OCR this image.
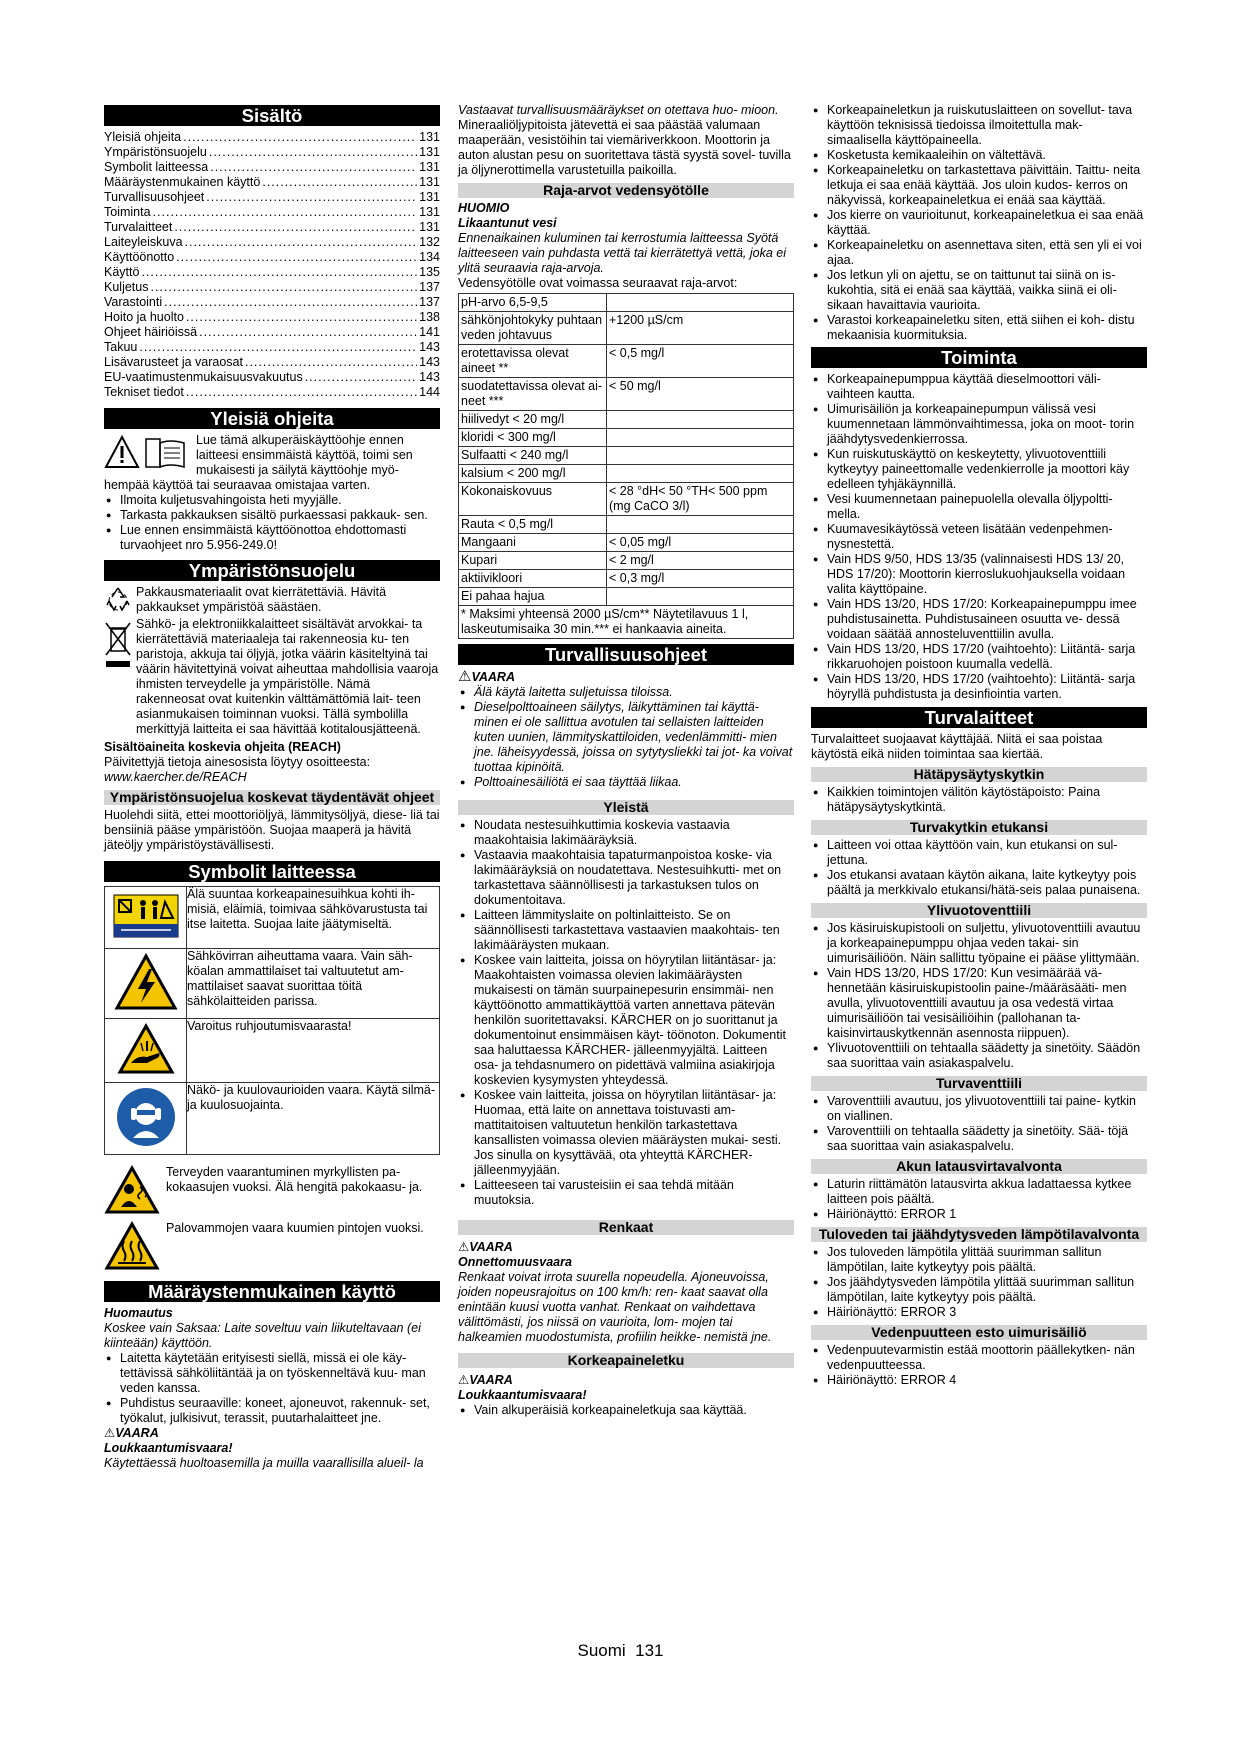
Sisältö
Yleisiä ohjeita .....	131
Ympäristönsuojelu .....	131
Symbolit laitteessa .....	131
Määräystenmukainen käyttö .....	131
Turvallisuusohjeet .....	131
Toiminta .....	131
Turvalaitteet .....	131
Laiteyleiskuva .....	132
Käyttöönotto .....	134
Käyttö .....	135
Kuljetus .....	137
Varastointi .....	137
Hoito ja huolto .....	138
Ohjeet häiriöissä .....	141
Takuu .....	143
Lisävarusteet ja varaosat .....	143
EU-vaatimustenmukaisuusvakuutus .....	143
Tekniset tiedot .....	144
Yleisiä ohjeita

Lue tämä alkuperäiskäyttöohje ennen

laitteesi ensimmäistä käyttöä, toimi sen

mukaisesti ja säilytä käyttöohje myö-

hempää käyttöä tai seuraavaa omistajaa varten.

● Ilmoita kuljetusvahingoista heti myyjälle.
● Tarkasta pakkauksen sisältö purkaessasi pakkauk- sen.
● Lue ennen ensimmäistä käyttöönottoa ehdottomasti turvaohjeet nro 5.956-249.0!
Ympäristönsuojelu

Pakkausmateriaalit ovat kierrätettäviä. Hävitä pakkaukset ympäristöä säästäen.

Sähkö- ja elektroniikkalaitteet sisältävät arvokkai- ta kierrätettäviä materiaaleja tai rakenneosia ku- ten paristoja, akkuja tai öljyjä, jotka väärin käsiteltyinä tai väärin hävitettyinä voivat aiheuttaa mahdollisia vaaroja ihmisten terveydelle ja ympäristölle. Nämä rakenneosat ovat kuitenkin välttämättömiä lait- teen asianmukaisen toiminnan vuoksi. Tällä symbolilla merkittyjä laitteita ei saa hävittää kotitalousjätteenä.

Sisältöaineita koskevia ohjeita (REACH)

Päivitettyjä tietoja ainesosista löytyy osoitteesta:

www.kaercher.de/REACH

Ympäristönsuojelua koskevat täydentävät ohjeet

Huolehdi siitä, ettei moottoriöljyä, lämmitysöljyä, diese- liä tai bensiiniä pääse ympäristöön. Suojaa maaperä ja hävitä jäteöljy ympäristöystävällisesti.

Symbolit laitteessa
	Älä suuntaa korkeapainesuihkua kohti ih- misiä, eläimiä, toimivaa sähkövarustusta tai itse laitetta. Suojaa laite jäätymiseltä.
	Sähkövirran aiheuttama vaara. Vain säh- köalan ammattilaiset tai valtuutetut am- mattilaiset saavat suorittaa töitä sähkölaitteiden parissa.
	Varoitus ruhjoutumisvaarasta!
	Näkö- ja kuulovaurioiden vaara. Käytä silmä- ja kuulosuojainta.

Terveyden vaarantuminen myrkyllisten pa- kokaasujen vuoksi. Älä hengitä pakokaasu- ja.

Palovammojen vaara kuumien pintojen vuoksi.

Määräystenmukainen käyttö

Huomautus

Koskee vain Saksaa: Laite soveltuu vain liikuteltavaan (ei kiinteään) käyttöön.

● Laitetta käytetään erityisesti siellä, missä ei ole käy- tettävissä sähköliitäntää ja on työskenneltävä kuu- man veden kanssa.
● Puhdistus seuraaville: koneet, ajoneuvot, rakennuk- set, työkalut, julkisivut, terassit, puutarhalaitteet jne.

⚠VAARA

Loukkaantumisvaara!

Käytettäessä huoltoasemilla ja muilla vaarallisilla alueil- la

Vastaavat turvallisuusmääräykset on otettava huo- mioon.

Mineraaliöljypitoista jätevettä ei saa päästää valumaan maaperään, vesistöihin tai viemäriverkkoon. Moottorin ja auton alustan pesu on suoritettava tästä syystä sovel- tuvilla ja öljynerottimella varustetuilla paikoilla.

Raja-arvot vedensyötölle

HUOMIO

Likaantunut vesi

Ennenaikainen kuluminen tai kerrostumia laitteessa Syötä laitteeseen vain puhdasta vettä tai kierrätettyä vettä, joka ei ylitä seuraavia raja-arvoja.

Vedensyötölle ovat voimassa seuraavat raja-arvot:

pH-arvo 6,5-9,5	
sähkönjohtokyky puhtaan veden johtavuus	+1200 µS/cm
erotettavissa olevat aineet **	< 0,5 mg/l
suodatettavissa olevat ai- neet ***	< 50 mg/l
hiilivedyt < 20 mg/l	
kloridi < 300 mg/l	
Sulfaatti < 240 mg/l	
kalsium < 200 mg/l	
Kokonaiskovuus	< 28 °dH< 50 °TH< 500 ppm (mg CaCO 3/l)
Rauta < 0,5 mg/l	
Mangaani	< 0,05 mg/l
Kupari	< 2 mg/l
aktiivikloori	< 0,3 mg/l
Ei pahaa hajua	
* Maksimi yhteensä 2000 µS/cm** Näytetilavuus 1 l, laskeutumisaika 30 min.*** ei hankaavia aineita.	
Turvallisuusohjeet

⚠VAARA

● Älä käytä laitetta suljetuissa tiloissa.
● Dieselpolttoaineen säilytys, läikyttäminen tai käyttä- minen ei ole sallittua avotulen tai sellaisten laitteiden kuten uunien, lämmityskattiloiden, vedenlämmitti- mien jne. läheisyydessä, joissa on sytytysliekki tai jot- ka voivat tuottaa kipinöitä.
● Polttoainesäiliötä ei saa täyttää liikaa.
Yleistä
● Noudata nestesuihkuttimia koskevia vastaavia maakohtaisia lakimääräyksiä.
● Vastaavia maakohtaisia tapaturmanpoistoa koske- via lakimääräyksiä on noudatettava. Nestesuihkutti- met on tarkastettava säännöllisesti ja tarkastuksen tulos on dokumentoitava.
● Laitteen lämmityslaite on poltinlaitteisto. Se on säännöllisesti tarkastettava vastaavien maakohtais- ten lakimääräysten mukaan.
● Koskee vain laitteita, joissa on höyrytilan liitäntäsar- ja: Maakohtaisten voimassa olevien lakimääräysten mukaisesti on tämän suurpainepesurin ensimmäi- nen käyttöönotto ammattikäyttöä varten annettava pätevän henkilön suoritettavaksi. KÄRCHER on jo suorittanut ja dokumentoinut ensimmäisen käyt- töönoton. Dokumentit saa haluttaessa KÄRCHER- jälleenmyyjältä. Laitteen osa- ja tehdasnumero on pidettävä valmiina asiakirjoja koskevien kysymysten yhteydessä.
● Koskee vain laitteita, joissa on höyrytilan liitäntäsar- ja: Huomaa, että laite on annettava toistuvasti am- mattitaitoisen valtuutetun henkilön tarkastettava kansallisten voimassa olevien määräysten mukai- sesti. Jos sinulla on kysyttävää, ota yhteyttä KÄRCHER-jälleenmyyjään.
● Laitteeseen tai varusteisiin ei saa tehdä mitään muutoksia.
Renkaat

⚠VAARA

Onnettomuusvaara

Renkaat voivat irrota suurella nopeudella. Ajoneuvoissa, joiden nopeusrajoitus on 100 km/h: ren- kaat saavat olla enintään kuusi vuotta vanhat. Renkaat on vaihdettava välittömästi, jos niissä on vaurioita, lom- mojen tai halkeamien muodostumista, profiilin heikke- nemistä jne.

Korkeapaineletku

⚠VAARA

Loukkaantumisvaara!

● Vain alkuperäisiä korkeapaineletkuja saa käyttää.
● Korkeapaineletkun ja ruiskutuslaitteen on sovellut- tava käyttöön teknisissä tiedoissa ilmoitettulla mak- simaalisella käyttöpaineella.
● Kosketusta kemikaaleihin on vältettävä.
● Korkeapaineletku on tarkastettava päivittäin. Taittu- neita letkuja ei saa enää käyttää. Jos uloin kudos- kerros on näkyvissä, korkeapaineletkua ei enää saa käyttää.
● Jos kierre on vaurioitunut, korkeapaineletkua ei saa enää käyttää.
● Korkeapaineletku on asennettava siten, että sen yli ei voi ajaa.
● Jos letkun yli on ajettu, se on taittunut tai siinä on is- kukohtia, sitä ei enää saa käyttää, vaikka siinä ei oli- sikaan havaittavia vaurioita.
● Varastoi korkeapaineletku siten, että siihen ei koh- distu mekaanisia kuormituksia.
Toiminta
● Korkeapainepumppua käyttää dieselmoottori väli- vaihteen kautta.
● Uimurisäiliön ja korkeapainepumpun välissä vesi kuumennetaan lämmönvaihtimessa, joka on moot- torin jäähdytysvedenkierrossa.
● Kun ruiskutuskäyttö on keskeytetty, ylivuotoventtiili kytkeytyy paineettomalle vedenkierrolle ja moottori käy edelleen tyhjäkäynnillä.
● Vesi kuumennetaan painepuolella olevalla öljypoltti- mella.
● Kuumavesikäytössä veteen lisätään vedenpehmen- nysnestettä.
● Vain HDS 9/50, HDS 13/35 (valinnaisesti HDS 13/ 20, HDS 17/20): Moottorin kierroslukuohjauksella voidaan valita käyttöpaine.
● Vain HDS 13/20, HDS 17/20: Korkeapainepumppu imee puhdistusainetta. Puhdistusaineen osuutta ve- dessä voidaan säätää annosteluventtiilin avulla.
● Vain HDS 13/20, HDS 17/20 (vaihtoehto): Liitäntä- sarja rikkaruohojen poistoon kuumalla vedellä.
● Vain HDS 13/20, HDS 17/20 (vaihtoehto): Liitäntä- sarja höyryllä puhdistusta ja desinfiointia varten.
Turvalaitteet

Turvalaitteet suojaavat käyttäjää. Niitä ei saa poistaa käytöstä eikä niiden toimintaa saa kiertää.

Hätäpysäytyskytkin
● Kaikkien toimintojen välitön käytöstäpoisto: Paina hätäpysäytyskytkintä.
Turvakytkin etukansi
● Laitteen voi ottaa käyttöön vain, kun etukansi on sul- jettuna.
● Jos etukansi avataan käytön aikana, laite kytkeytyy pois päältä ja merkkivalo etukansi/hätä-seis palaa punaisena.
Ylivuotoventtiili
● Jos käsiruiskupistooli on suljettu, ylivuotoventtiili avautuu ja korkeapainepumppu ohjaa veden takai- sin uimurisäiliöön. Näin sallittu työpaine ei pääse ylittymään.
● Vain HDS 13/20, HDS 17/20: Kun vesimäärää vä- hennetään käsiruiskupistoolin paine-/määräsääti- men avulla, ylivuotoventtiili avautuu ja osa vedestä virtaa uimurisäiliöön tai vesisäiliöihin (pallohanan ta- kaisinvirtauskytkennän asennosta riippuen).
● Ylivuotoventtiili on tehtaalla säädetty ja sinetöity. Säädön saa suorittaa vain asiakaspalvelu.
Turvaventtiili
● Varoventtiili avautuu, jos ylivuotoventtiili tai paine- kytkin on viallinen.
● Varoventtiili on tehtaalla säädetty ja sinetöity. Sää- töjä saa suorittaa vain asiakaspalvelu.
Akun latausvirtavalvonta
● Laturin riittämätön latausvirta akkua ladattaessa kytkee laitteen pois päältä.
● Häiriönäyttö: ERROR 1
Tuloveden tai jäähdytysveden lämpötilavalvonta
● Jos tuloveden lämpötila ylittää suurimman sallitun lämpötilan, laite kytkeytyy pois päältä.
● Jos jäähdytysveden lämpötila ylittää suurimman sallitun lämpötilan, laite kytkeytyy pois päältä.
● Häiriönäyttö: ERROR 3
Vedenpuutteen esto uimurisäiliö
● Vedenpuutevarmistin estää moottorin päällekytken- nän vedenpuutteessa.
● Häiriönäyttö: ERROR 4
Suomi 131
